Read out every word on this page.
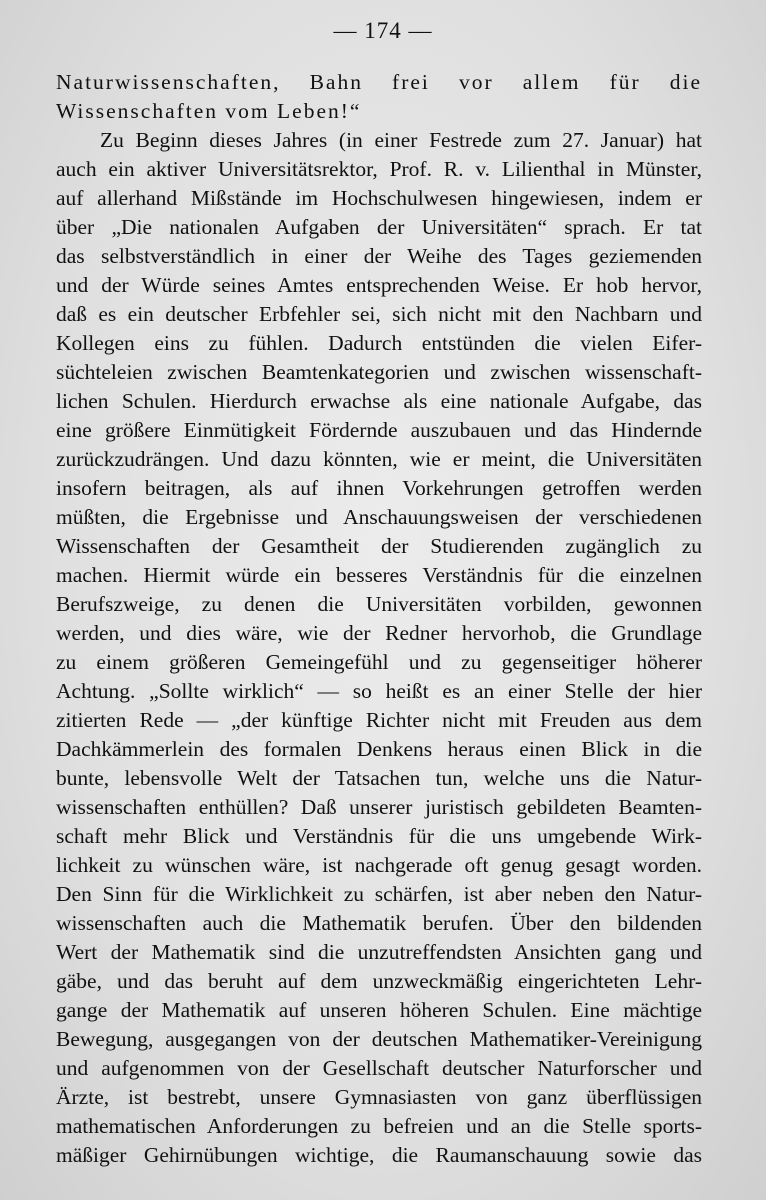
— 174 —
Naturwissenschaften, Bahn frei vor allem für die
Wissenschaften vom Leben!“
Zu Beginn dieses Jahres (in einer Festrede zum 27. Januar) hat
auch ein aktiver Universitätsrektor, Prof. R. v. Lilienthal in Münster,
auf allerhand Mißstände im Hochschulwesen hingewiesen, indem er
über „Die nationalen Aufgaben der Universitäten“ sprach. Er tat
das selbstverständlich in einer der Weihe des Tages geziemenden
und der Würde seines Amtes entsprechenden Weise. Er hob hervor,
daß es ein deutscher Erbfehler sei, sich nicht mit den Nachbarn und
Kollegen eins zu fühlen. Dadurch entstünden die vielen Eifer-
süchteleien zwischen Beamtenkategorien und zwischen wissenschaft-
lichen Schulen. Hierdurch erwachse als eine nationale Aufgabe, das
eine größere Einmütigkeit Fördernde auszubauen und das Hindernde
zurückzudrängen. Und dazu könnten, wie er meint, die Universitäten
insofern beitragen, als auf ihnen Vorkehrungen getroffen werden
müßten, die Ergebnisse und Anschauungsweisen der verschiedenen
Wissenschaften der Gesamtheit der Studierenden zugänglich zu
machen. Hiermit würde ein besseres Verständnis für die einzelnen
Berufszweige, zu denen die Universitäten vorbilden, gewonnen
werden, und dies wäre, wie der Redner hervorhob, die Grundlage
zu einem größeren Gemeingefühl und zu gegenseitiger höherer
Achtung. „Sollte wirklich“ — so heißt es an einer Stelle der hier
zitierten Rede — „der künftige Richter nicht mit Freuden aus dem
Dachkämmerlein des formalen Denkens heraus einen Blick in die
bunte, lebensvolle Welt der Tatsachen tun, welche uns die Natur-
wissenschaften enthüllen? Daß unserer juristisch gebildeten Beamten-
schaft mehr Blick und Verständnis für die uns umgebende Wirk-
lichkeit zu wünschen wäre, ist nachgerade oft genug gesagt worden.
Den Sinn für die Wirklichkeit zu schärfen, ist aber neben den Natur-
wissenschaften auch die Mathematik berufen. Über den bildenden
Wert der Mathematik sind die unzutreffendsten Ansichten gang und
gäbe, und das beruht auf dem unzweckmäßig eingerichteten Lehr-
gange der Mathematik auf unseren höheren Schulen. Eine mächtige
Bewegung, ausgegangen von der deutschen Mathematiker-Vereinigung
und aufgenommen von der Gesellschaft deutscher Naturforscher und
Ärzte, ist bestrebt, unsere Gymnasiasten von ganz überflüssigen
mathematischen Anforderungen zu befreien und an die Stelle sports-
mäßiger Gehirnübungen wichtige, die Raumanschauung sowie das
